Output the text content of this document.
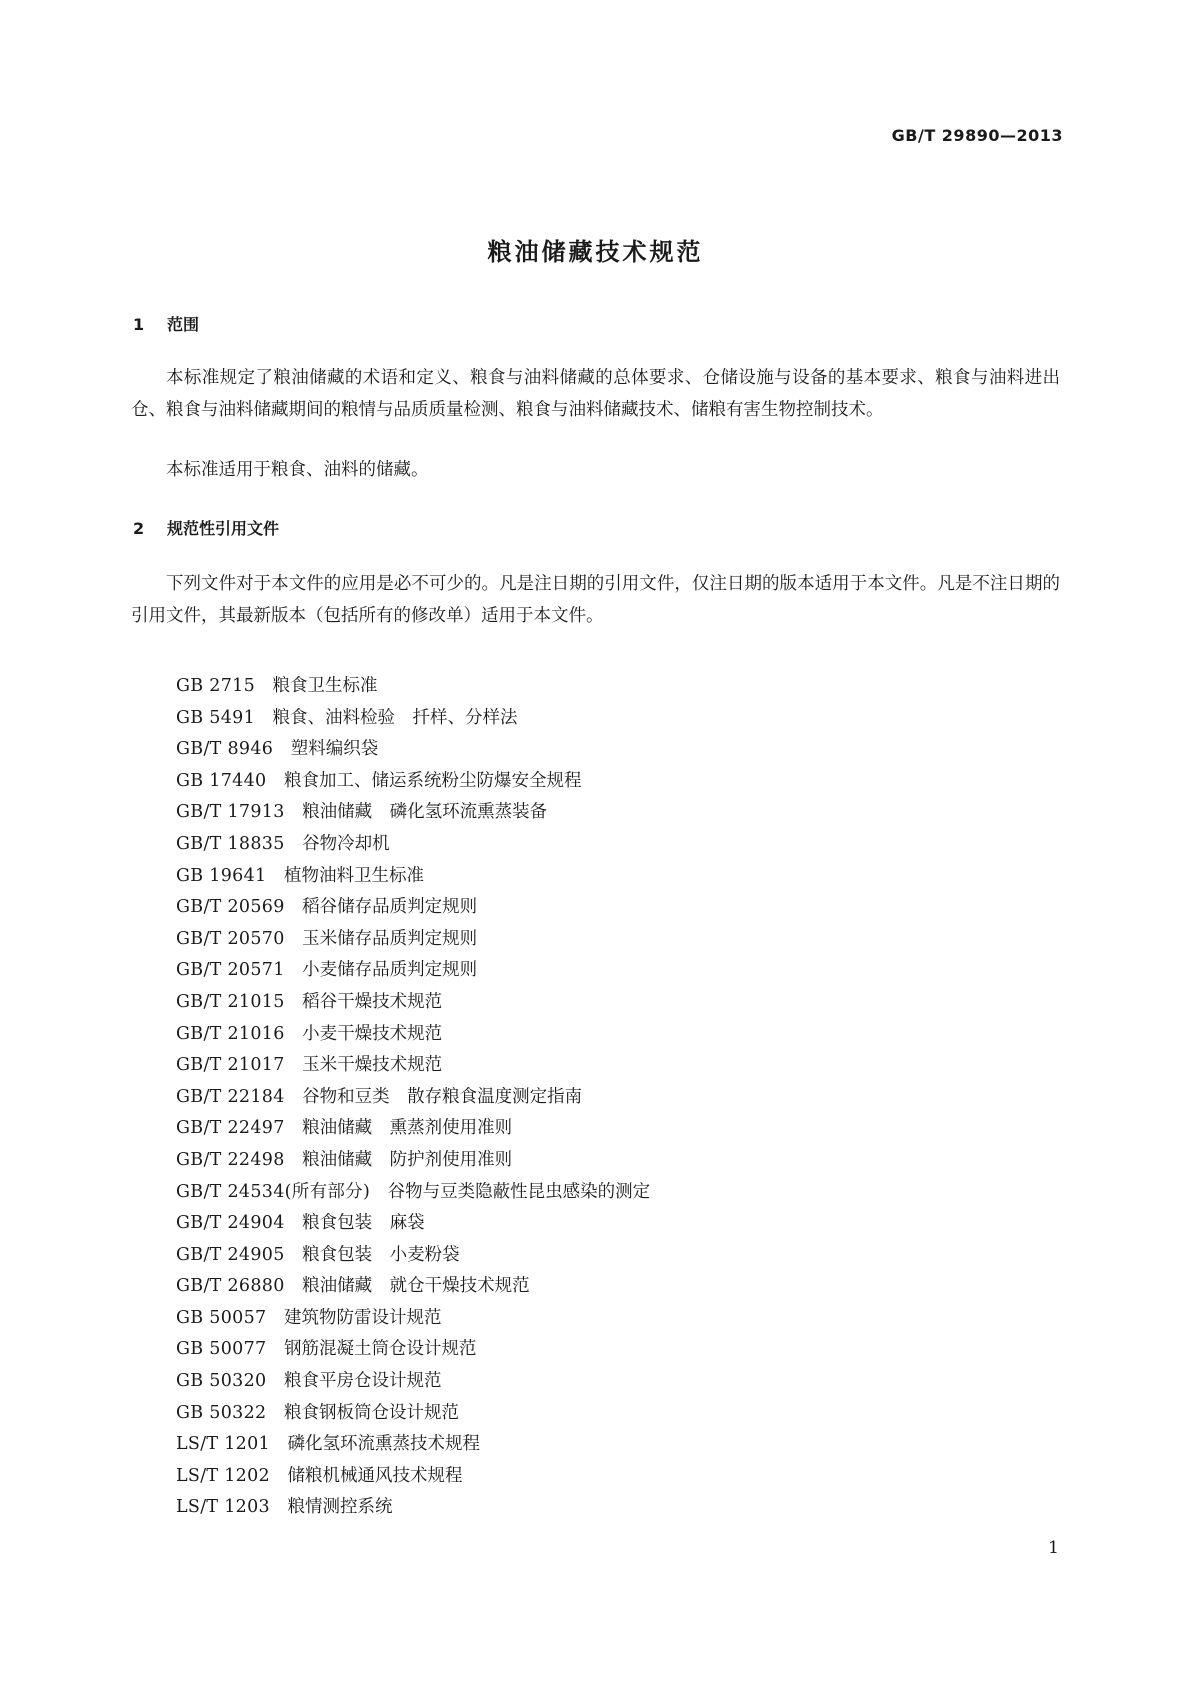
GB/T 29890—2013
粮油储藏技术规范
1 范围

本标准规定了粮油储藏的术语和定义、粮食与油料储藏的总体要求、仓储设施与设备的基本要求、粮食与油料进出仓、粮食与油料储藏期间的粮情与品质质量检测、粮食与油料储藏技术、储粮有害生物控制技术。

本标准适用于粮食、油料的储藏。

2 规范性引用文件

下列文件对于本文件的应用是必不可少的。凡是注日期的引用文件，仅注日期的版本适用于本文件。凡是不注日期的引用文件，其最新版本（包括所有的修改单）适用于本文件。

GB 2715　 粮食卫生标准
GB 5491　 粮食、油料检验　扦样、分样法
GB/T 8946　 塑料编织袋
GB 17440　 粮食加工、储运系统粉尘防爆安全规程
GB/T 17913　 粮油储藏　磷化氢环流熏蒸装备
GB/T 18835　 谷物冷却机
GB 19641　 植物油料卫生标准
GB/T 20569　 稻谷储存品质判定规则
GB/T 20570　 玉米储存品质判定规则
GB/T 20571　 小麦储存品质判定规则
GB/T 21015　 稻谷干燥技术规范
GB/T 21016　 小麦干燥技术规范
GB/T 21017　 玉米干燥技术规范
GB/T 22184　 谷物和豆类　散存粮食温度测定指南
GB/T 22497　 粮油储藏　熏蒸剂使用准则
GB/T 22498　 粮油储藏　防护剂使用准则
GB/T 24534(所有部分)　 谷物与豆类隐蔽性昆虫感染的测定
GB/T 24904　 粮食包装　麻袋
GB/T 24905　 粮食包装　小麦粉袋
GB/T 26880　 粮油储藏　就仓干燥技术规范
GB 50057　 建筑物防雷设计规范
GB 50077　 钢筋混凝土筒仓设计规范
GB 50320　 粮食平房仓设计规范
GB 50322　 粮食钢板筒仓设计规范
LS/T 1201　 磷化氢环流熏蒸技术规程
LS/T 1202　 储粮机械通风技术规程
LS/T 1203　 粮情测控系统
1
